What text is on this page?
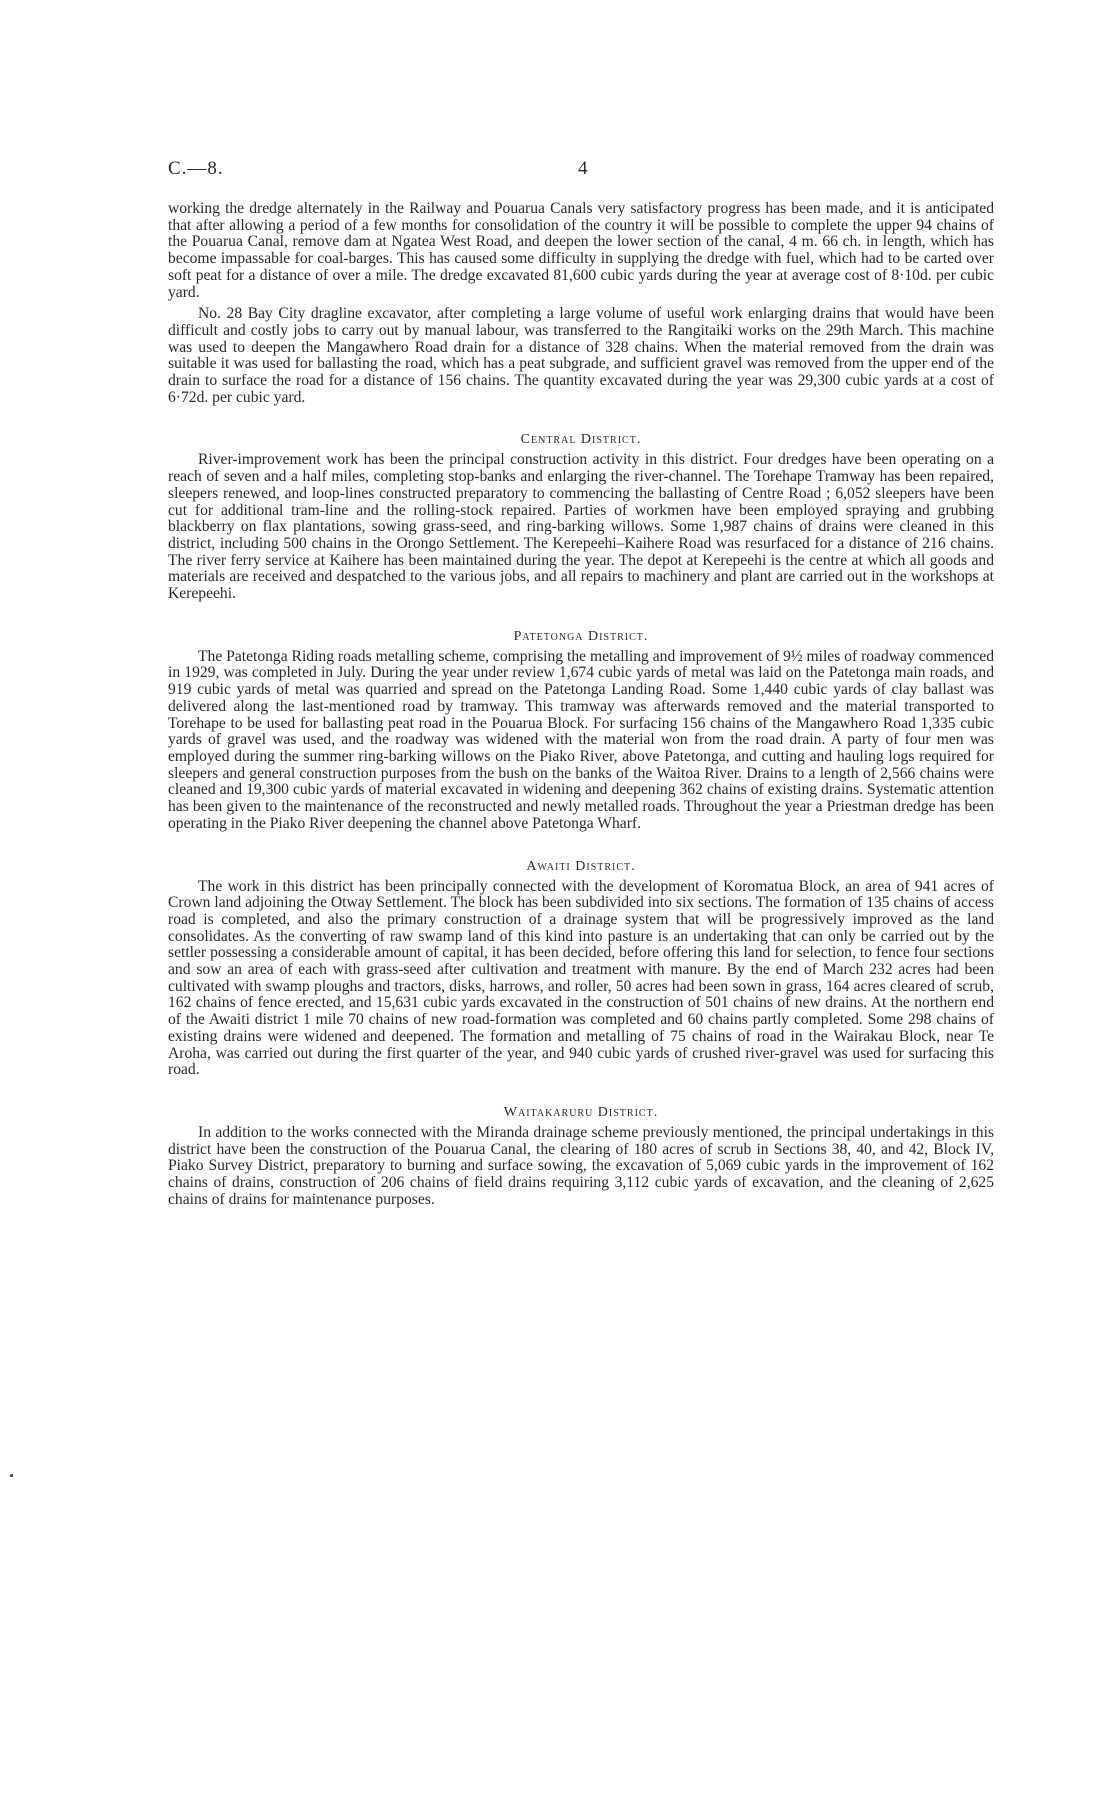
C.—8.	4

working the dredge alternately in the Railway and Pouarua Canals very satisfactory progress has been made, and it is anticipated that after allowing a period of a few months for consolidation of the country it will be possible to complete the upper 94 chains of the Pouarua Canal, remove dam at Ngatea West Road, and deepen the lower section of the canal, 4 m. 66 ch. in length, which has become impassable for coal-barges. This has caused some difficulty in supplying the dredge with fuel, which had to be carted over soft peat for a distance of over a mile. The dredge excavated 81,600 cubic yards during the year at average cost of 8·10d. per cubic yard.

No. 28 Bay City dragline excavator, after completing a large volume of useful work enlarging drains that would have been difficult and costly jobs to carry out by manual labour, was transferred to the Rangitaiki works on the 29th March. This machine was used to deepen the Mangawhero Road drain for a distance of 328 chains. When the material removed from the drain was suitable it was used for ballasting the road, which has a peat subgrade, and sufficient gravel was removed from the upper end of the drain to surface the road for a distance of 156 chains. The quantity excavated during the year was 29,300 cubic yards at a cost of 6·72d. per cubic yard.

Central District.

River-improvement work has been the principal construction activity in this district. Four dredges have been operating on a reach of seven and a half miles, completing stop-banks and enlarging the river-channel. The Torehape Tramway has been repaired, sleepers renewed, and loop-lines constructed preparatory to commencing the ballasting of Centre Road ; 6,052 sleepers have been cut for additional tram-line and the rolling-stock repaired. Parties of workmen have been employed spraying and grubbing blackberry on flax plantations, sowing grass-seed, and ring-barking willows. Some 1,987 chains of drains were cleaned in this district, including 500 chains in the Orongo Settlement. The Kerepeehi–Kaihere Road was resurfaced for a distance of 216 chains. The river ferry service at Kaihere has been maintained during the year. The depot at Kerepeehi is the centre at which all goods and materials are received and despatched to the various jobs, and all repairs to machinery and plant are carried out in the workshops at Kerepeehi.

Patetonga District.

The Patetonga Riding roads metalling scheme, comprising the metalling and improvement of 9½ miles of roadway commenced in 1929, was completed in July. During the year under review 1,674 cubic yards of metal was laid on the Patetonga main roads, and 919 cubic yards of metal was quarried and spread on the Patetonga Landing Road. Some 1,440 cubic yards of clay ballast was delivered along the last-mentioned road by tramway. This tramway was afterwards removed and the material transported to Torehape to be used for ballasting peat road in the Pouarua Block. For surfacing 156 chains of the Mangawhero Road 1,335 cubic yards of gravel was used, and the roadway was widened with the material won from the road drain. A party of four men was employed during the summer ring-barking willows on the Piako River, above Patetonga, and cutting and hauling logs required for sleepers and general construction purposes from the bush on the banks of the Waitoa River. Drains to a length of 2,566 chains were cleaned and 19,300 cubic yards of material excavated in widening and deepening 362 chains of existing drains. Systematic attention has been given to the maintenance of the reconstructed and newly metalled roads. Throughout the year a Priestman dredge has been operating in the Piako River deepening the channel above Patetonga Wharf.

Awaiti District.

The work in this district has been principally connected with the development of Koromatua Block, an area of 941 acres of Crown land adjoining the Otway Settlement. The block has been subdivided into six sections. The formation of 135 chains of access road is completed, and also the primary construction of a drainage system that will be progressively improved as the land consolidates. As the converting of raw swamp land of this kind into pasture is an undertaking that can only be carried out by the settler possessing a considerable amount of capital, it has been decided, before offering this land for selection, to fence four sections and sow an area of each with grass-seed after cultivation and treatment with manure. By the end of March 232 acres had been cultivated with swamp ploughs and tractors, disks, harrows, and roller, 50 acres had been sown in grass, 164 acres cleared of scrub, 162 chains of fence erected, and 15,631 cubic yards excavated in the construction of 501 chains of new drains. At the northern end of the Awaiti district 1 mile 70 chains of new road-formation was completed and 60 chains partly completed. Some 298 chains of existing drains were widened and deepened. The formation and metalling of 75 chains of road in the Wairakau Block, near Te Aroha, was carried out during the first quarter of the year, and 940 cubic yards of crushed river-gravel was used for surfacing this road.

Waitakaruru District.

In addition to the works connected with the Miranda drainage scheme previously mentioned, the principal undertakings in this district have been the construction of the Pouarua Canal, the clearing of 180 acres of scrub in Sections 38, 40, and 42, Block IV, Piako Survey District, preparatory to burning and surface sowing, the excavation of 5,069 cubic yards in the improvement of 162 chains of drains, construction of 206 chains of field drains requiring 3,112 cubic yards of excavation, and the cleaning of 2,625 chains of drains for maintenance purposes.
